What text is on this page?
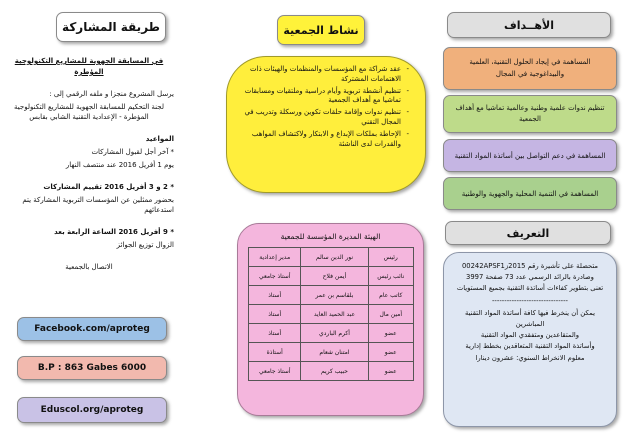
طريقة المشاركة

في المسابقة الجهوية للمشاريع التكنولوجية المؤطرة

يرسل المشروع منجزا و ملفه الرقمي إلى :

لجنة التحكيم للمسابقة الجهوية للمشاريع التكنولوجية المؤطرة - الإعدادية التقنية الشابي بقابس

المواعيد

* آخر أجل لقبول المشاركات

يوم 1 أفريل 2016 عند منتصف النهار

* 2 و 3 أفريل 2016 تقييم المشاركات

بحضور ممثلين عن المؤسسات التربوية المشاركة يتم استدعائهم

* 9 أفريل 2016 الساعة الرابعة بعد

الزوال توزيع الجوائز

الاتصال بالجمعية

Facebook.com/aproteg
B.P : 863 Gabes 6000
Eduscol.org/aproteg
نشاط الجمعية
- عقد شراكة مع المؤسسات والمنظمات والهيئات ذات الاهتمامات المشتركة
- تنظيم أنشطة تربوية وأيام دراسية وملتقيات ومسابقات تماشيا مع أهداف الجمعية
- تنظيم ندوات وإقامة حلقات تكوين ورسكلة وتدريب في المجال التقني
- الإحاطة بملكات الإبداع و الابتكار ولاكتشاف المواهب والقدرات لدى الناشئة
الهيئة المديرة المؤسسة للجمعية
رئيس	نور الدين سالم	مدير إعدادية
نائب رئيس	أيمن فلاح	أستاذ جامعي
كاتب عام	بلقاسم بن عمر	أستاذ
أمين مال	عبد الحميد العايد	أستاذ
عضو	أكرم الباردي	أستاذ
عضو	امتنان شعام	أستاذة
عضو	حبيب كريم	أستاذ جامعي
الأهــداف
المساهمة في إيجاد الحلول التقنية، العلمية والبيداغوجية في المجال
تنظيم ندوات علمية وطنية وعالمية تماشيا مع أهداف الجمعية
المساهمة في دعم التواصل بين أساتذة المواد التقنية
المساهمة في التنمية المحلية والجهوية والوطنية
التعريف

متحصلة على تأشيرة رقم 2015ز00242APSF1

وصادرة بالرائد الرسمي عدد 73 صفحة 3997

تعنى بتطوير كفاءات أساتذة التقنية بجميع المستويات

-------------------------------

يمكن أن ينخرط فيها كافة أساتذة المواد التقنية المباشرين

والمتقاعدين ومتفقدي المواد التقنية

وأساتذة المواد التقنية المتعاقدين بخطط إدارية

معلوم الانخراط السنوي: عشرون دينارا
